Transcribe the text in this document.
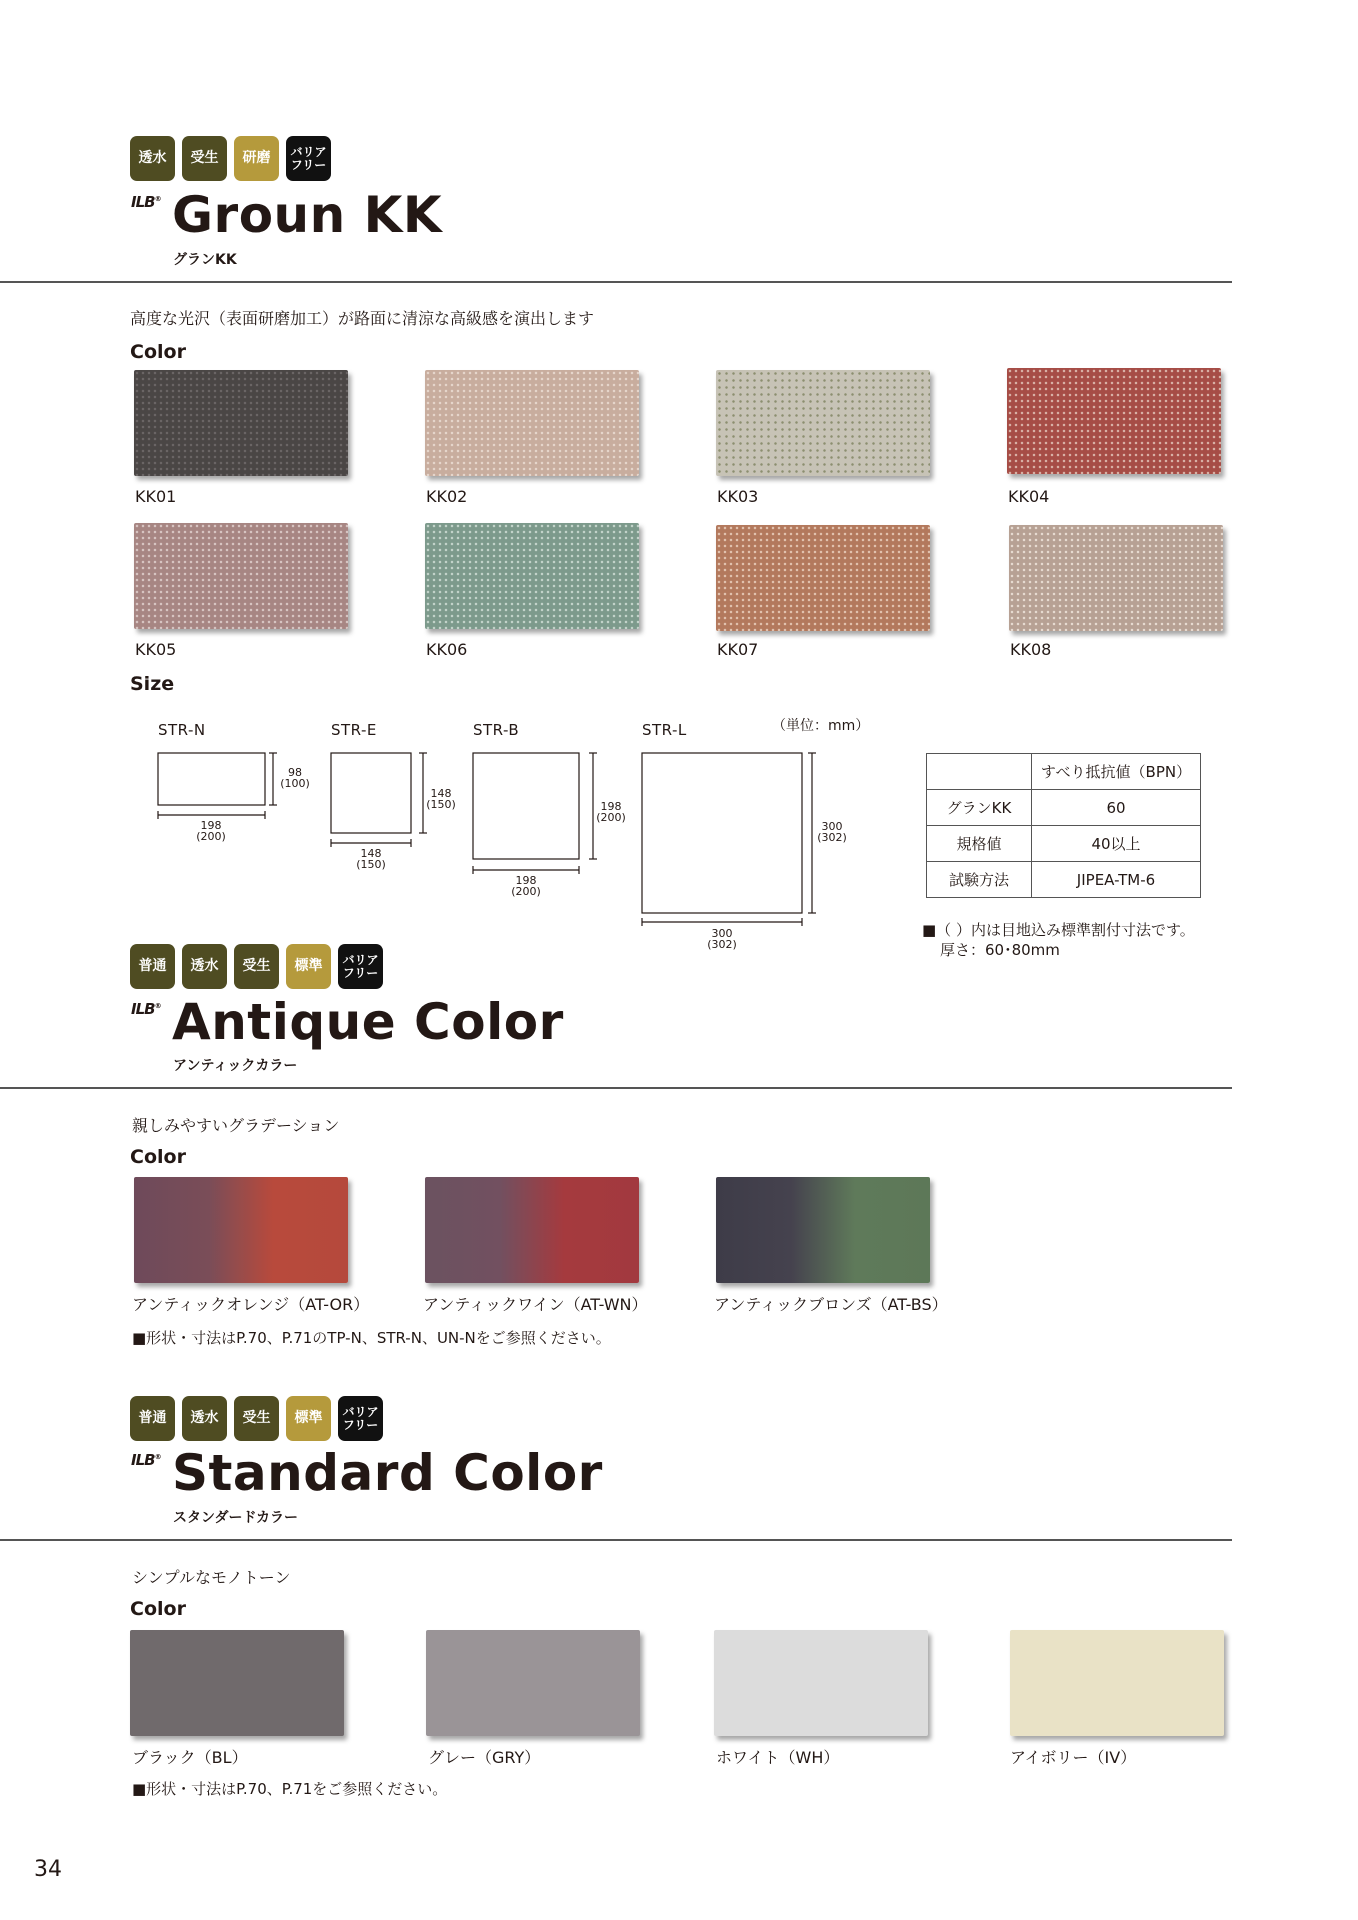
透水	受生	研磨	バリア
フリー
ILB® Groun KK
グランKK
高度な光沢（表面研磨加工）が路面に清涼な高級感を演出します
Color
KK01	KK02	KK03	KK04
KK05	KK06	KK07	KK08
Size
（単位：mm）
STR-N	STR-E	STR-B	STR-L
198
(200)
98
(100)
148
(150)
148
(150)
198
(200)
198
(200)
300
(302)
300
(302)
	すべり抵抗値（BPN）
グランKK	60
規格値	40以上
試験方法	JIPEA-TM-6
■（ ）内は目地込み標準割付寸法です。
厚さ：60･80mm
普通	透水	受生	標準	バリア
フリー
ILB® Antique Color
アンティックカラー
親しみやすいグラデーション
Color
アンティックオレンジ（AT-OR）	アンティックワイン（AT-WN）	アンティックブロンズ（AT-BS）
■形状・寸法はP.70、P.71のTP-N、STR-N、UN-Nをご参照ください。
普通	透水	受生	標準	バリア
フリー
ILB® Standard Color
スタンダードカラー
シンプルなモノトーン
Color
ブラック（BL）	グレー（GRY）	ホワイト（WH）	アイボリー（IV）
■形状・寸法はP.70、P.71をご参照ください。
34
